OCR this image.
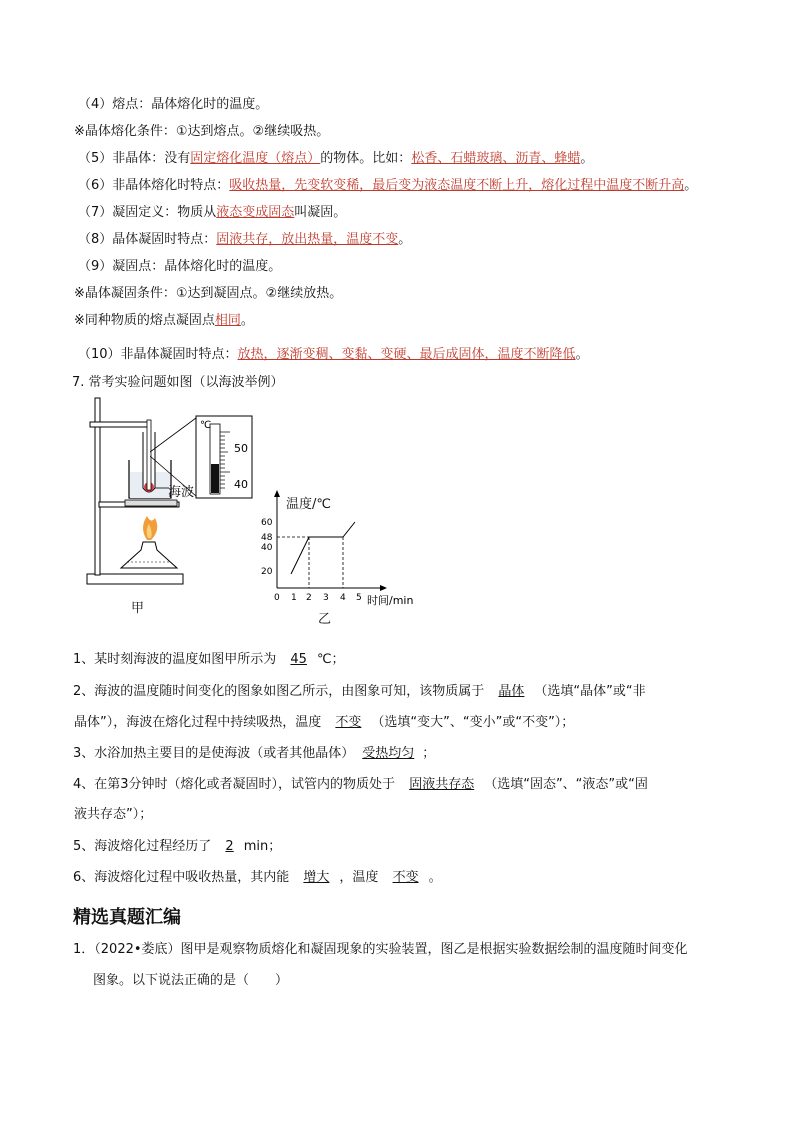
（4）熔点：晶体熔化时的温度。
※晶体熔化条件：①达到熔点。②继续吸热。
（5）非晶体：没有固定熔化温度（熔点）的物体。比如：松香、石蜡玻璃、沥青、蜂蜡。
（6）非晶体熔化时特点：吸收热量，先变软变稀，最后变为液态温度不断上升，熔化过程中温度不断升高。
（7）凝固定义：物质从液态变成固态叫凝固。
（8）晶体凝固时特点：固液共存，放出热量，温度不变。
（9）凝固点：晶体熔化时的温度。
※晶体凝固条件：①达到凝固点。②继续放热。
※同种物质的熔点凝固点相同。
（10）非晶体凝固时特点：放热，逐渐变稠、变黏、变硬、最后成固体，温度不断降低。
7. 常考实验问题如图（以海波举例）
海波
甲
℃
50
40
60
48
40
20
0 1 2 3 4 5 时间/min
温度/℃
乙
1、某时刻海波的温度如图甲所示为 45 ℃；
2、海波的温度随时间变化的图象如图乙所示，由图象可知，该物质属于 晶体 （选填“晶体”或“非
晶体”），海波在熔化过程中持续吸热，温度 不变 （选填“变大”、“变小”或“不变”）；
3、水浴加热主要目的是使海波（或者其他晶体） 受热均匀 ；
4、在第3分钟时（熔化或者凝固时），试管内的物质处于 固液共存态 （选填“固态”、“液态”或“固
液共存态”）；
5、海波熔化过程经历了 2 min；
6、海波熔化过程中吸收热量，其内能 增大 ，温度 不变 。
精选真题汇编
1．（2022•娄底）图甲是观察物质熔化和凝固现象的实验装置，图乙是根据实验数据绘制的温度随时间变化
图象。以下说法正确的是（　　）
